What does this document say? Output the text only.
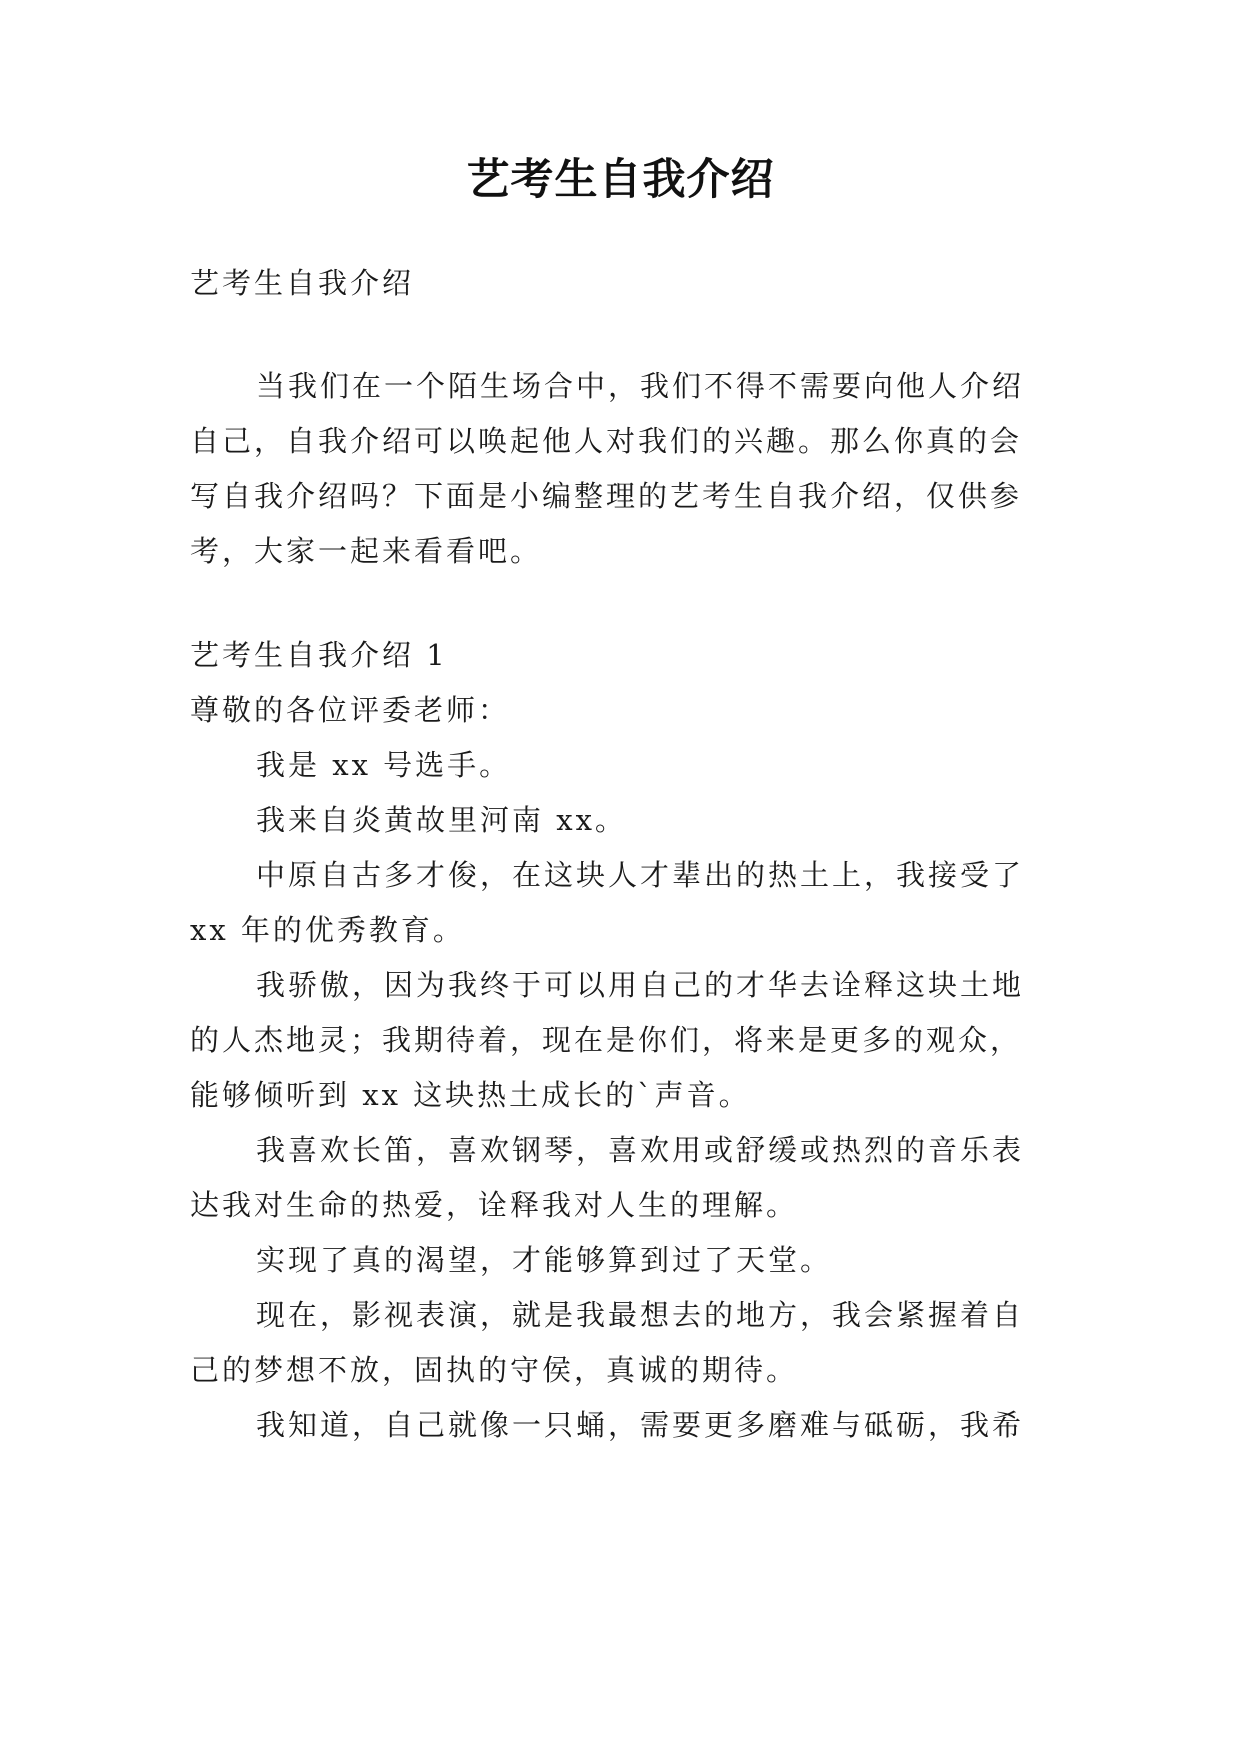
艺考生自我介绍
艺考生自我介绍
当我们在一个陌生场合中，我们不得不需要向他人介绍
自己，自我介绍可以唤起他人对我们的兴趣。那么你真的会
写自我介绍吗？下面是小编整理的艺考生自我介绍，仅供参
考，大家一起来看看吧。
艺考生自我介绍 1
尊敬的各位评委老师：
我是 xx 号选手。
我来自炎黄故里河南 xx。
中原自古多才俊，在这块人才辈出的热土上，我接受了
xx 年的优秀教育。
我骄傲，因为我终于可以用自己的才华去诠释这块土地
的人杰地灵；我期待着，现在是你们，将来是更多的观众，
能够倾听到 xx 这块热土成长的`声音。
我喜欢长笛，喜欢钢琴，喜欢用或舒缓或热烈的音乐表
达我对生命的热爱，诠释我对人生的理解。
实现了真的渴望，才能够算到过了天堂。
现在，影视表演，就是我最想去的地方，我会紧握着自
己的梦想不放，固执的守侯，真诚的期待。
我知道，自己就像一只蛹，需要更多磨难与砥砺，我希
